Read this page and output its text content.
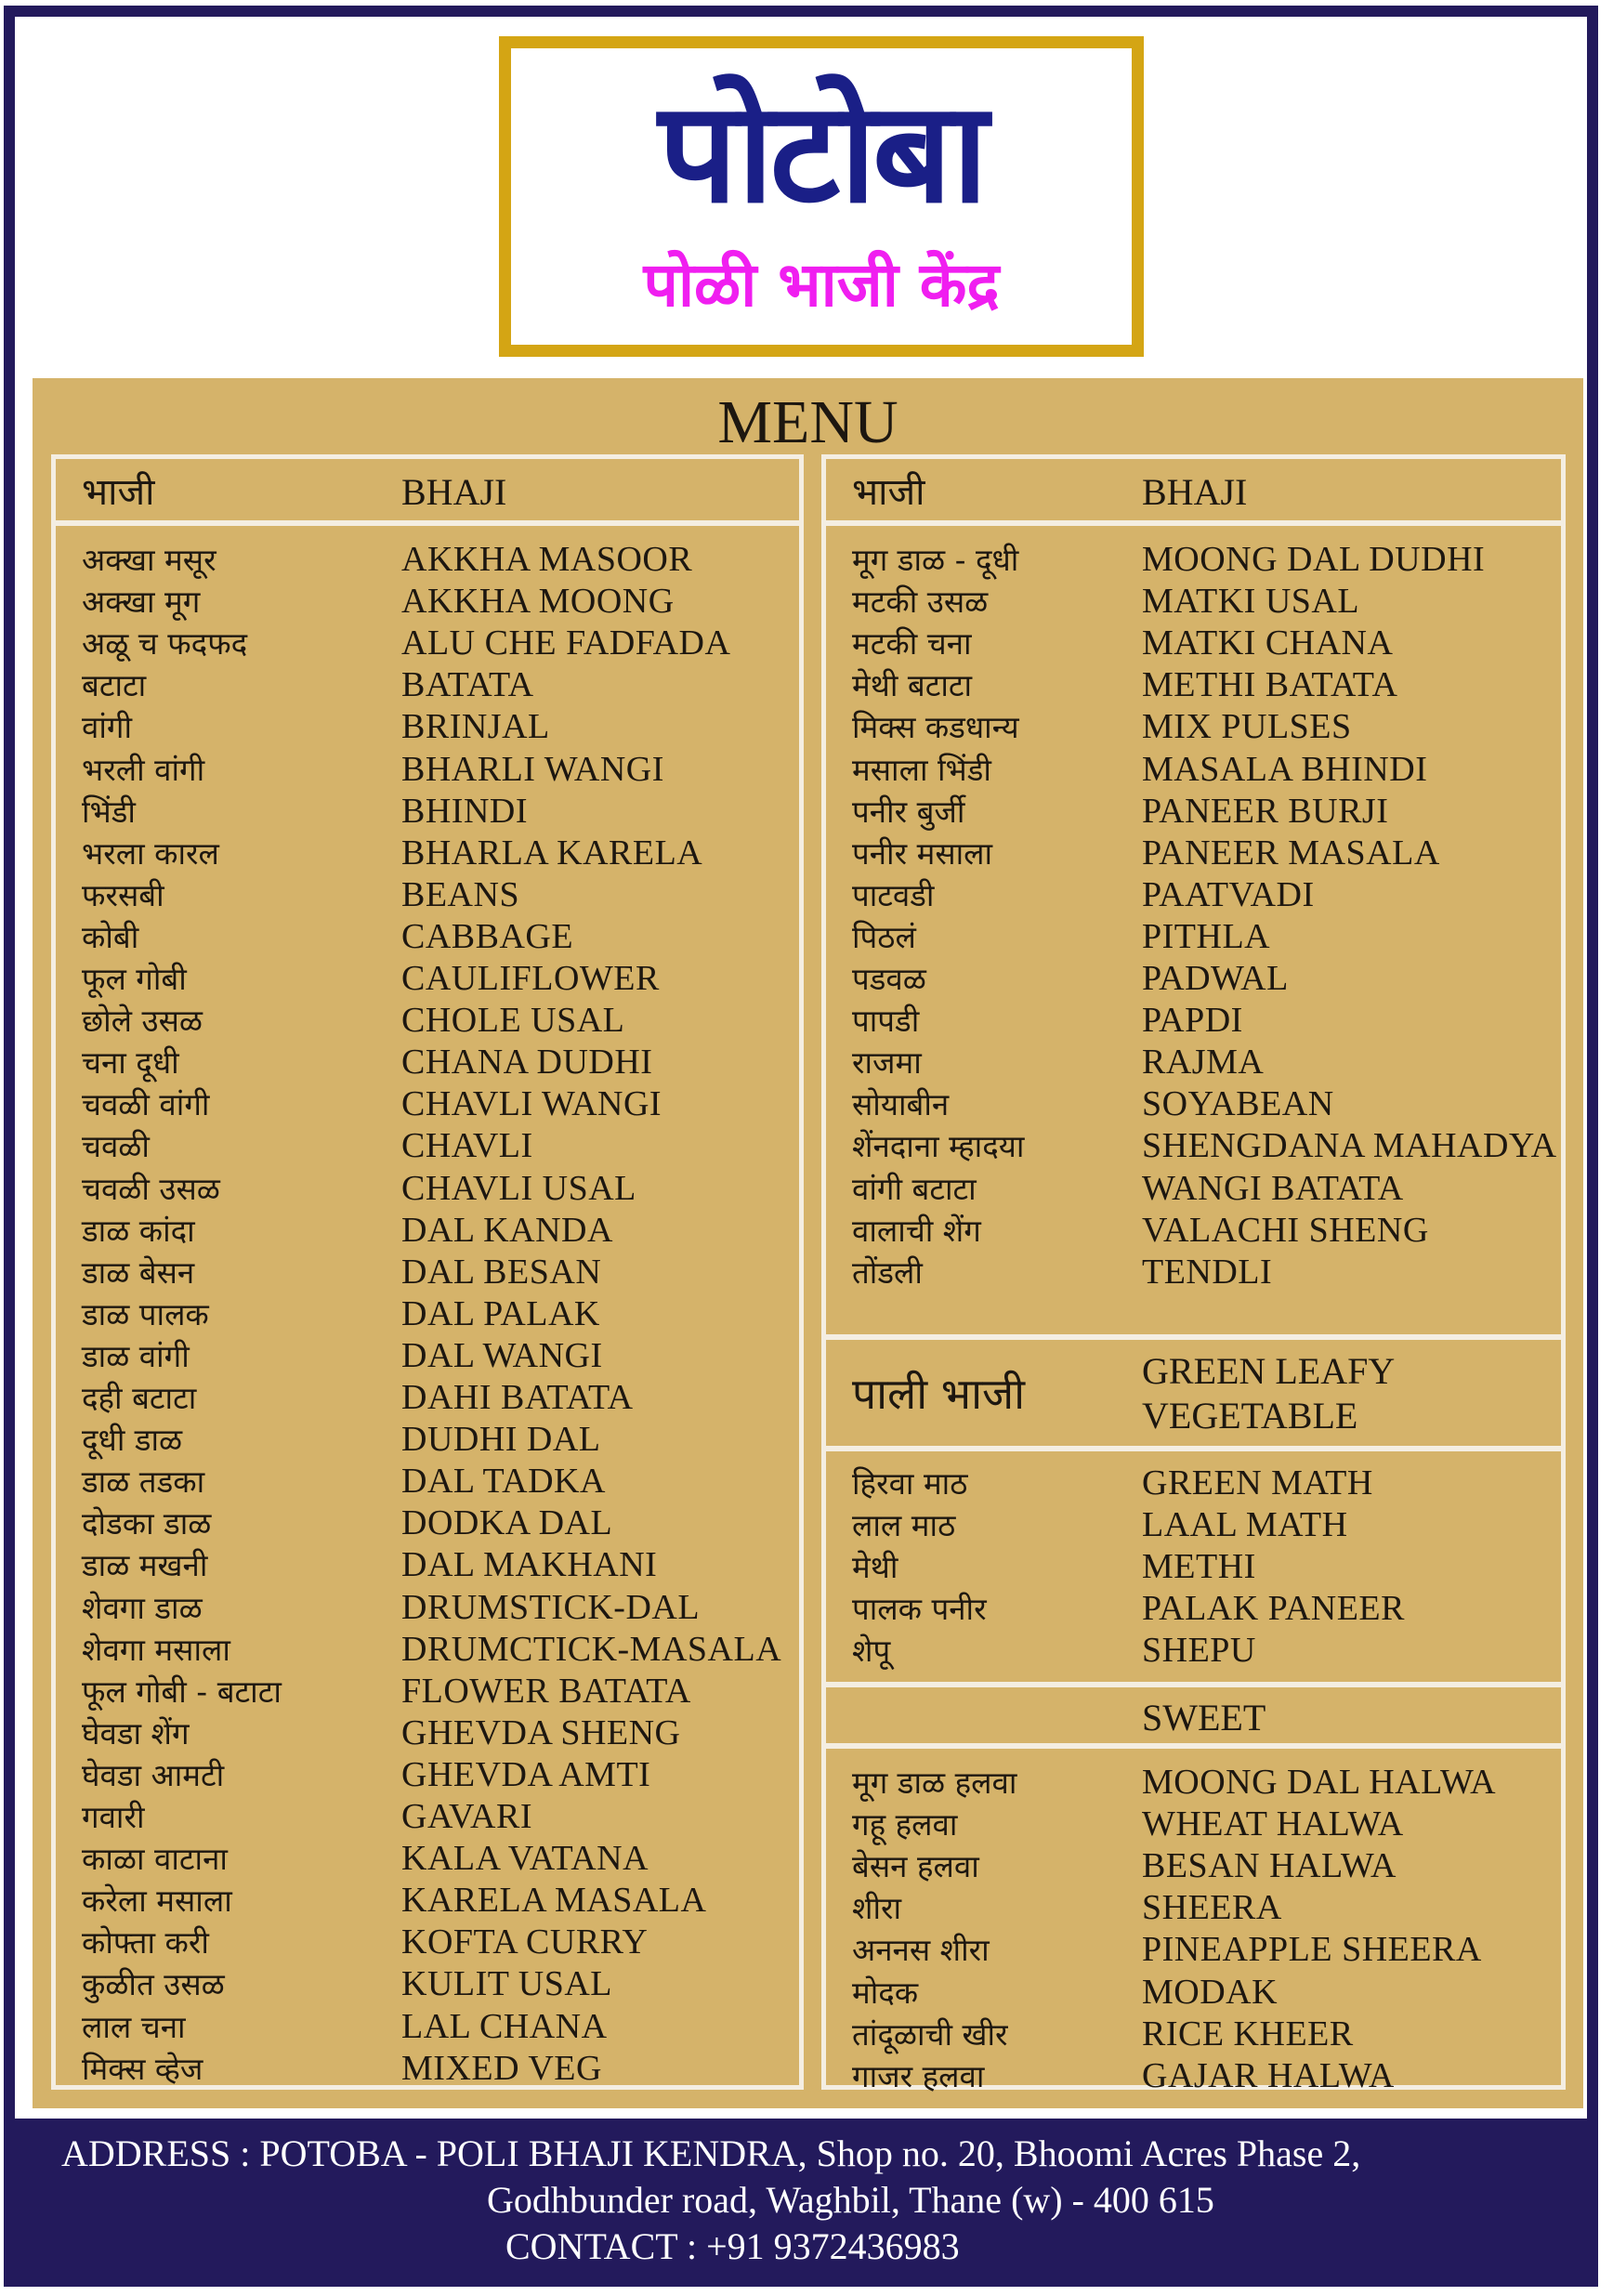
पोटोबा
पोळी भाजी केंद्र
MENU
भाजी	BHAJI
अक्खा मसूर	AKKHA MASOOR
अक्खा मूग	AKKHA MOONG
अळू च फदफद	ALU CHE FADFADA
बटाटा	BATATA
वांगी	BRINJAL
भरली वांगी	BHARLI WANGI
भिंडी	BHINDI
भरला कारल	BHARLA KARELA
फरसबी	BEANS
कोबी	CABBAGE
फूल गोबी	CAULIFLOWER
छोले उसळ	CHOLE USAL
चना दूधी	CHANA DUDHI
चवळी वांगी	CHAVLI WANGI
चवळी	CHAVLI
चवळी उसळ	CHAVLI USAL
डाळ कांदा	DAL KANDA
डाळ बेसन	DAL BESAN
डाळ पालक	DAL PALAK
डाळ वांगी	DAL WANGI
दही बटाटा	DAHI BATATA
दूधी डाळ	DUDHI DAL
डाळ तडका	DAL TADKA
दोडका डाळ	DODKA DAL
डाळ मखनी	DAL MAKHANI
शेवगा डाळ	DRUMSTICK-DAL
शेवगा मसाला	DRUMCTICK-MASALA
फूल गोबी - बटाटा	FLOWER BATATA
घेवडा शेंग	GHEVDA SHENG
घेवडा आमटी	GHEVDA AMTI
गवारी	GAVARI
काळा वाटाना	KALA VATANA
करेला मसाला	KARELA MASALA
कोफ्ता करी	KOFTA CURRY
कुळीत उसळ	KULIT USAL
लाल चना	LAL CHANA
मिक्स व्हेज	MIXED VEG
भाजी	BHAJI
मूग डाळ - दूधी	MOONG DAL DUDHI
मटकी उसळ	MATKI USAL
मटकी चना	MATKI CHANA
मेथी बटाटा	METHI BATATA
मिक्स कडधान्य	MIX PULSES
मसाला भिंडी	MASALA BHINDI
पनीर बुर्जी	PANEER BURJI
पनीर मसाला	PANEER MASALA
पाटवडी	PAATVADI
पिठलं	PITHLA
पडवळ	PADWAL
पापडी	PAPDI
राजमा	RAJMA
सोयाबीन	SOYABEAN
शेंनदाना म्हादया	SHENGDANA MAHADYA
वांगी बटाटा	WANGI BATATA
वालाची शेंग	VALACHI SHENG
तोंडली	TENDLI
पाली भाजी	GREEN LEAFY
VEGETABLE
हिरवा माठ	GREEN MATH
लाल माठ	LAAL MATH
मेथी	METHI
पालक पनीर	PALAK PANEER
शेपू	SHEPU
SWEET
मूग डाळ हलवा	MOONG DAL HALWA
गहू हलवा	WHEAT HALWA
बेसन हलवा	BESAN HALWA
शीरा	SHEERA
अननस शीरा	PINEAPPLE SHEERA
मोदक	MODAK
तांदूळाची खीर	RICE KHEER
गाजर हलवा	GAJAR HALWA
ADDRESS : POTOBA - POLI BHAJI KENDRA, Shop no. 20, Bhoomi Acres Phase 2,
Godhbunder road, Waghbil, Thane (w) - 400 615
CONTACT : +91 9372436983
